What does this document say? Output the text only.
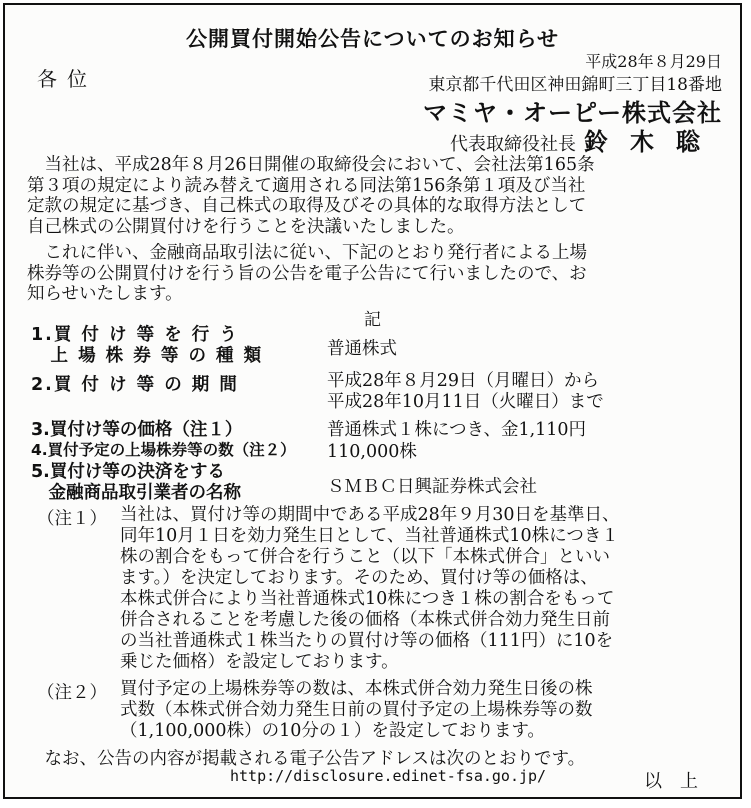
公開買付開始公告についてのお知らせ
各位
平成28年８月29日
東京都千代田区神田錦町三丁目18番地
マミヤ・オーピー株式会社
代表取締役社長 鈴木聡
　当社は、平成28年８月26日開催の取締役会において、会社法第165条
第３項の規定により読み替えて適用される同法第156条第１項及び当社
定款の規定に基づき、自己株式の取得及びその具体的な取得方法として
自己株式の公開買付けを行うことを決議いたしました。
　これに伴い、金融商品取引法に従い、下記のとおり発行者による上場
株券等の公開買付けを行う旨の公告を電子公告にて行いましたので、お
知らせいたします。
記
1.買 付 け 等 を 行 う
　上 場 株 券 等 の 種 類	普通株式
2.買 付 け 等 の 期 間	平成28年８月29日（月曜日）から
平成28年10月11日（火曜日）まで
3.買付け等の価格（注１）	普通株式１株につき、金1,110円
4.買付予定の上場株券等の数（注２） 110,000株
5.買付け等の決済をする
　金融商品取引業者の名称	ＳＭＢＣ日興証券株式会社
（注１） 当社は、買付け等の期間中である平成28年９月30日を基準日、
同年10月１日を効力発生日として、当社普通株式10株につき１
株の割合をもって併合を行うこと（以下「本株式併合」といい
ます。）を決定しております。そのため、買付け等の価格は、
本株式併合により当社普通株式10株につき１株の割合をもって
併合されることを考慮した後の価格（本株式併合効力発生日前
の当社普通株式１株当たりの買付け等の価格（111円）に10を
乗じた価格）を設定しております。
（注２） 買付予定の上場株券等の数は、本株式併合効力発生日後の株
式数（本株式併合効力発生日前の買付予定の上場株券等の数
（1,100,000株）の10分の１）を設定しております。
　なお、公告の内容が掲載される電子公告アドレスは次のとおりです。
http://disclosure.edinet-fsa.go.jp/	以上
